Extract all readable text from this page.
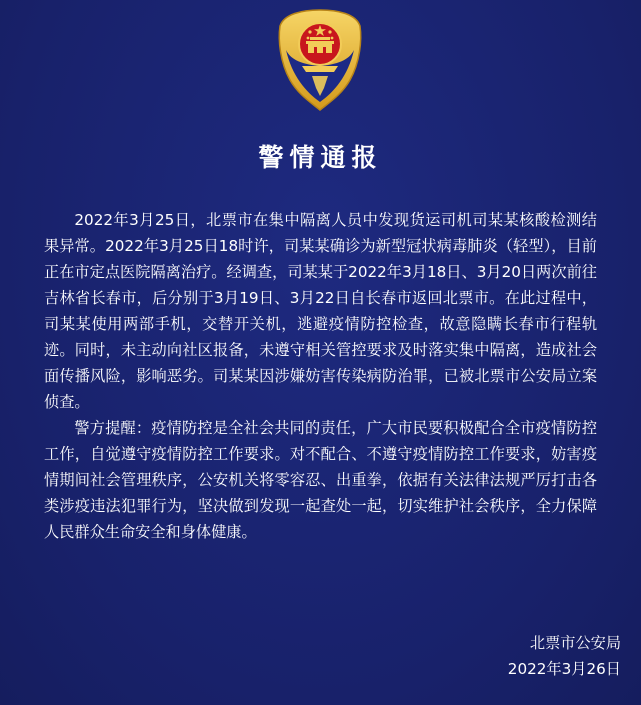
警情通报

2022年3月25日，北票市在集中隔离人员中发现货运司机司某某核酸检测结果异常。2022年3月25日18时许，司某某确诊为新型冠状病毒肺炎（轻型），目前正在市定点医院隔离治疗。经调查，司某某于2022年3月18日、3月20日两次前往吉林省长春市，后分别于3月19日、3月22日自长春市返回北票市。在此过程中，司某某使用两部手机，交替开关机，逃避疫情防控检查，故意隐瞒长春市行程轨迹。同时，未主动向社区报备，未遵守相关管控要求及时落实集中隔离，造成社会面传播风险，影响恶劣。司某某因涉嫌妨害传染病防治罪，已被北票市公安局立案侦查。

警方提醒：疫情防控是全社会共同的责任，广大市民要积极配合全市疫情防控工作，自觉遵守疫情防控工作要求。对不配合、不遵守疫情防控工作要求，妨害疫情期间社会管理秩序，公安机关将零容忍、出重拳，依据有关法律法规严厉打击各类涉疫违法犯罪行为，坚决做到发现一起查处一起，切实维护社会秩序，全力保障人民群众生命安全和身体健康。

北票市公安局
2022年3月26日
